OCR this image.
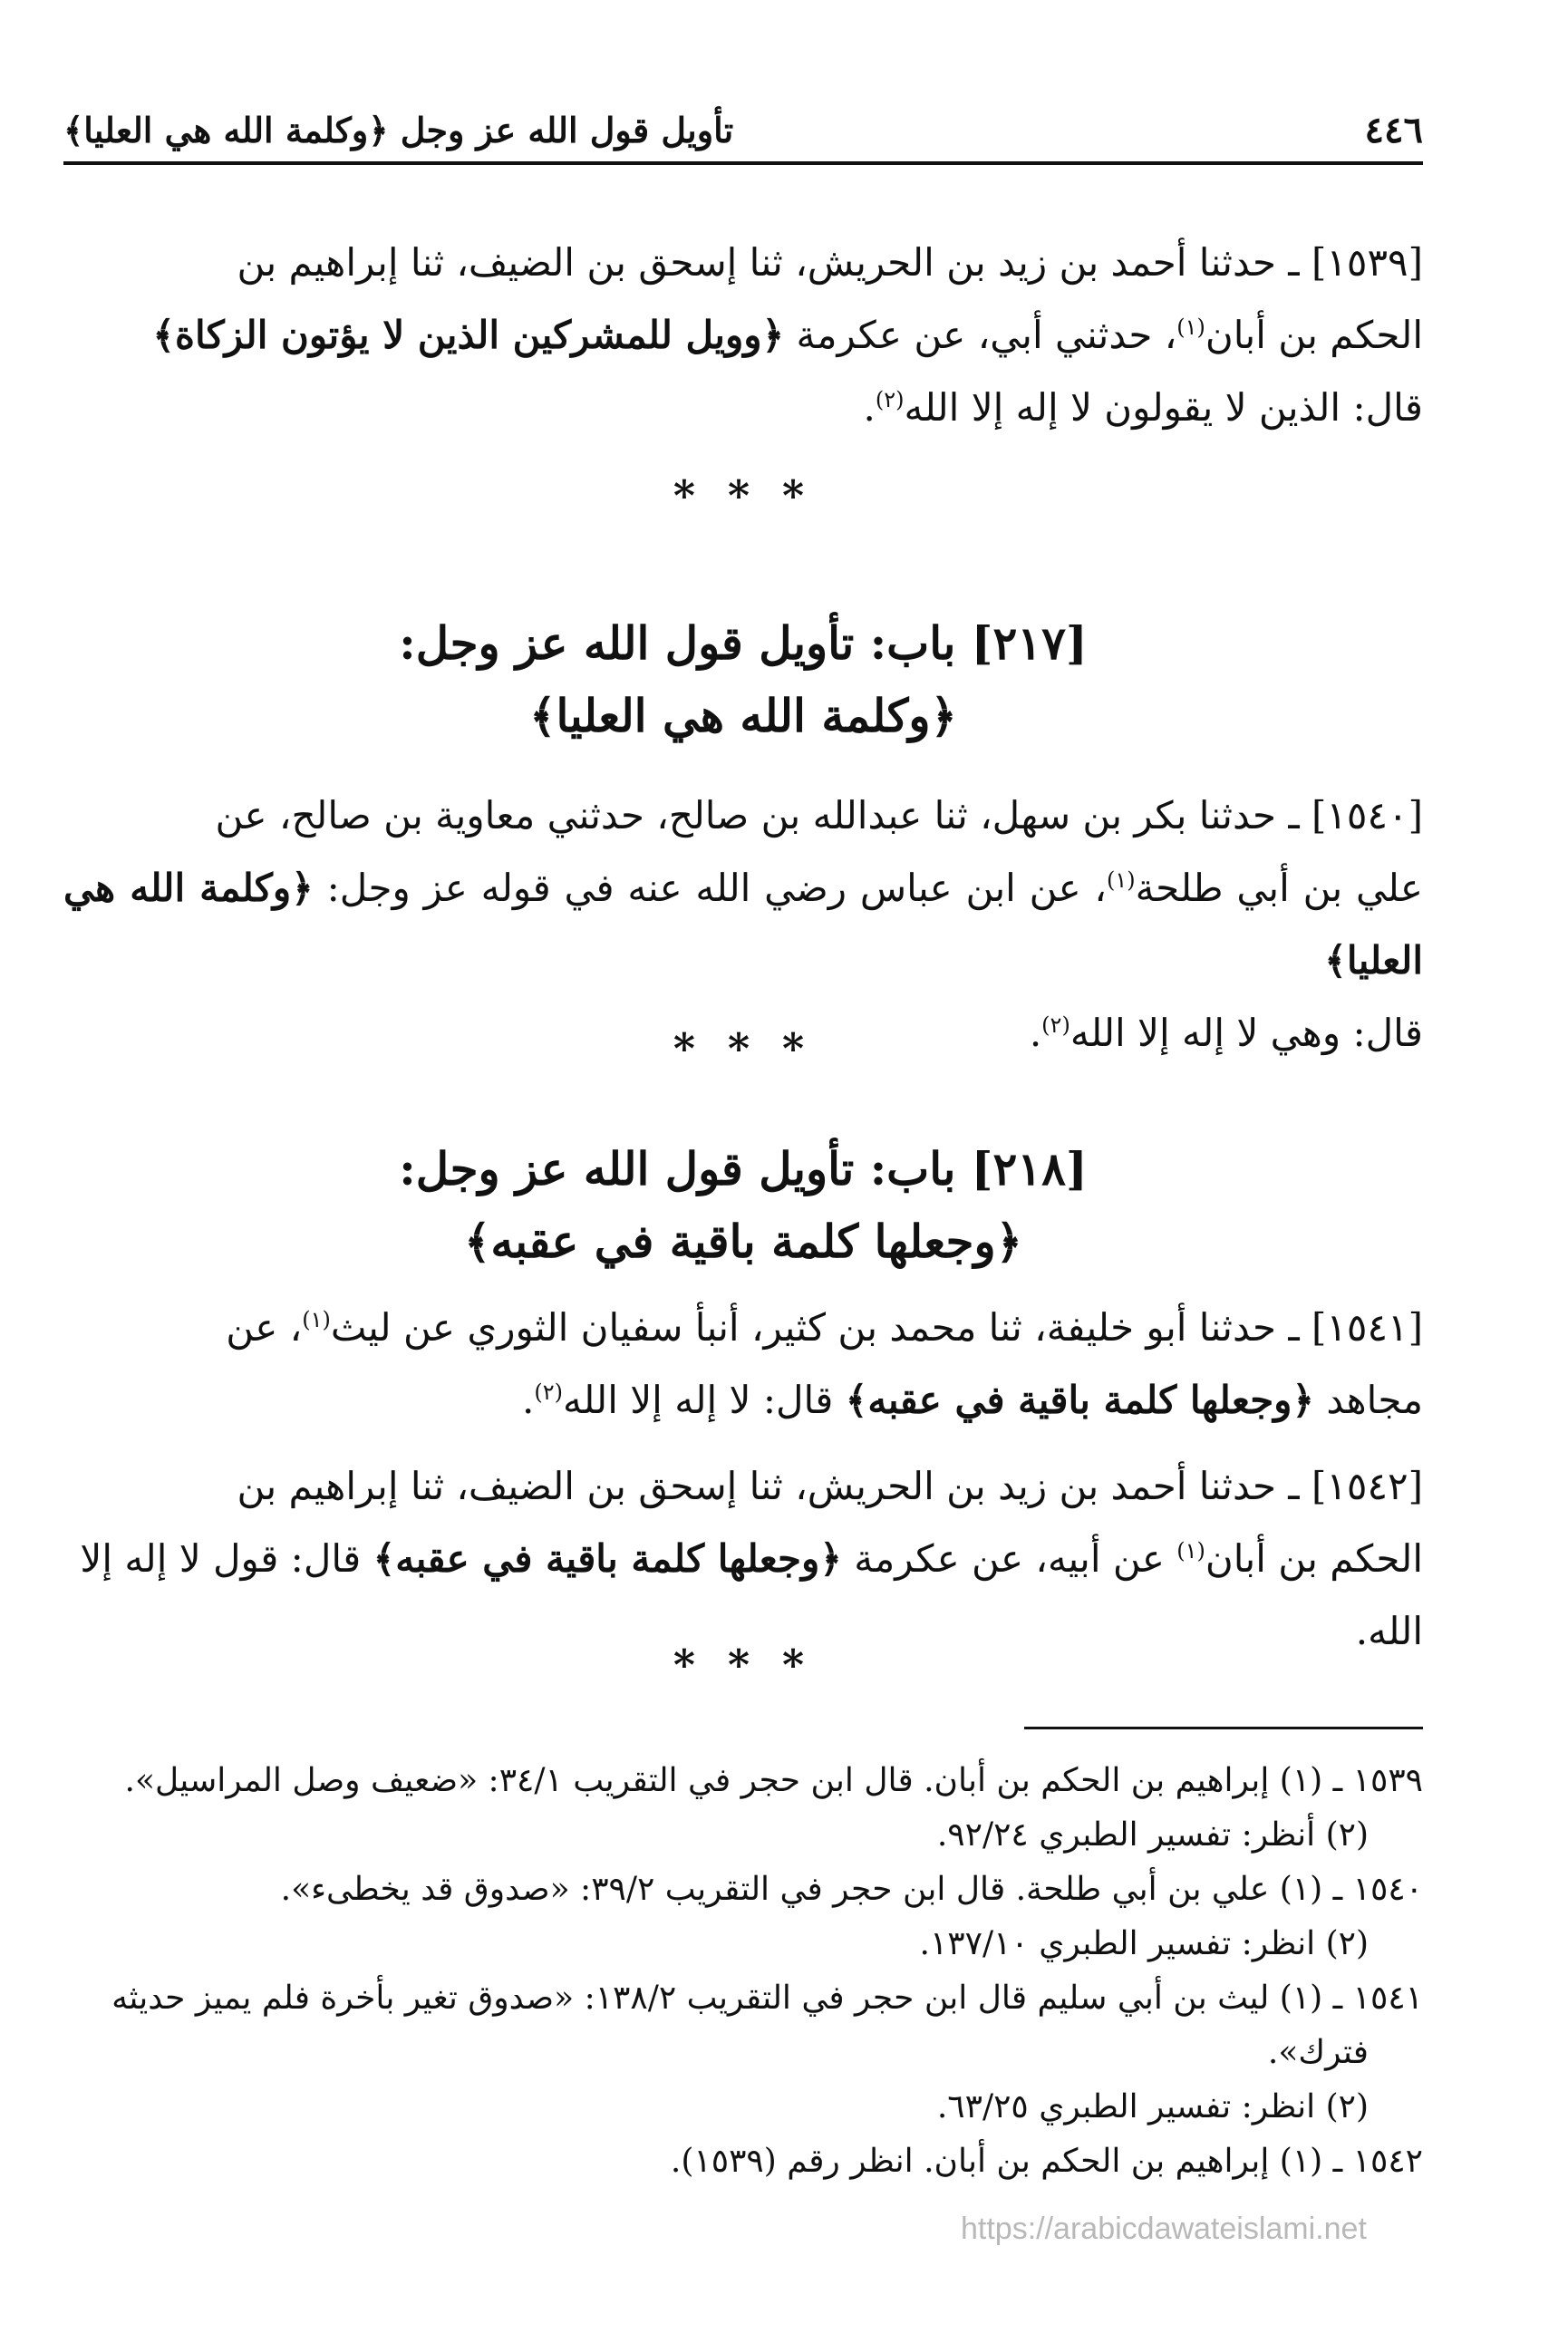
٤٤٦
تأويل قول الله عز وجل ﴿وكلمة الله هي العليا﴾
[١٥٣٩] ـ حدثنا أحمد بن زيد بن الحريش، ثنا إسحق بن الضيف، ثنا إبراهيم بن
الحكم بن أبان$^{(١)}$، حدثني أبي، عن عكرمة ﴿وويل للمشركين الذين لا يؤتون الزكاة﴾
قال: الذين لا يقولون لا إله إلا الله$^{(٢)}$.
* * *
[٢١٧] باب: تأويل قول الله عز وجل:
﴿وكلمة الله هي العليا﴾
[١٥٤٠] ـ حدثنا بكر بن سهل، ثنا عبدالله بن صالح، حدثني معاوية بن صالح، عن
علي بن أبي طلحة$^{(١)}$، عن ابن عباس رضي الله عنه في قوله عز وجل: ﴿وكلمة الله هي العليا﴾
قال: وهي لا إله إلا الله$^{(٢)}$.
* * *
[٢١٨] باب: تأويل قول الله عز وجل:
﴿وجعلها كلمة باقية في عقبه﴾
[١٥٤١] ـ حدثنا أبو خليفة، ثنا محمد بن كثير، أنبأ سفيان الثوري عن ليث$^{(١)}$، عن
مجاهد ﴿وجعلها كلمة باقية في عقبه﴾ قال: لا إله إلا الله$^{(٢)}$.
[١٥٤٢] ـ حدثنا أحمد بن زيد بن الحريش، ثنا إسحق بن الضيف، ثنا إبراهيم بن
الحكم بن أبان$^{(١)}$ عن أبيه، عن عكرمة ﴿وجعلها كلمة باقية في عقبه﴾ قال: قول لا إله إلا
الله.
* * *
١٥٣٩ ـ (١) إبراهيم بن الحكم بن أبان. قال ابن حجر في التقريب ٣٤/١: «ضعيف وصل المراسيل».
(٢) أنظر: تفسير الطبري ٩٢/٢٤.
١٥٤٠ ـ (١) علي بن أبي طلحة. قال ابن حجر في التقريب ٣٩/٢: «صدوق قد يخطىء».
(٢) انظر: تفسير الطبري ١٣٧/١٠.
١٥٤١ ـ (١) ليث بن أبي سليم قال ابن حجر في التقريب ١٣٨/٢: «صدوق تغير بأخرة فلم يميز حديثه
فترك».
(٢) انظر: تفسير الطبري ٦٣/٢٥.
١٥٤٢ ـ (١) إبراهيم بن الحكم بن أبان. انظر رقم (١٥٣٩).
https://arabicdawateislami.net
